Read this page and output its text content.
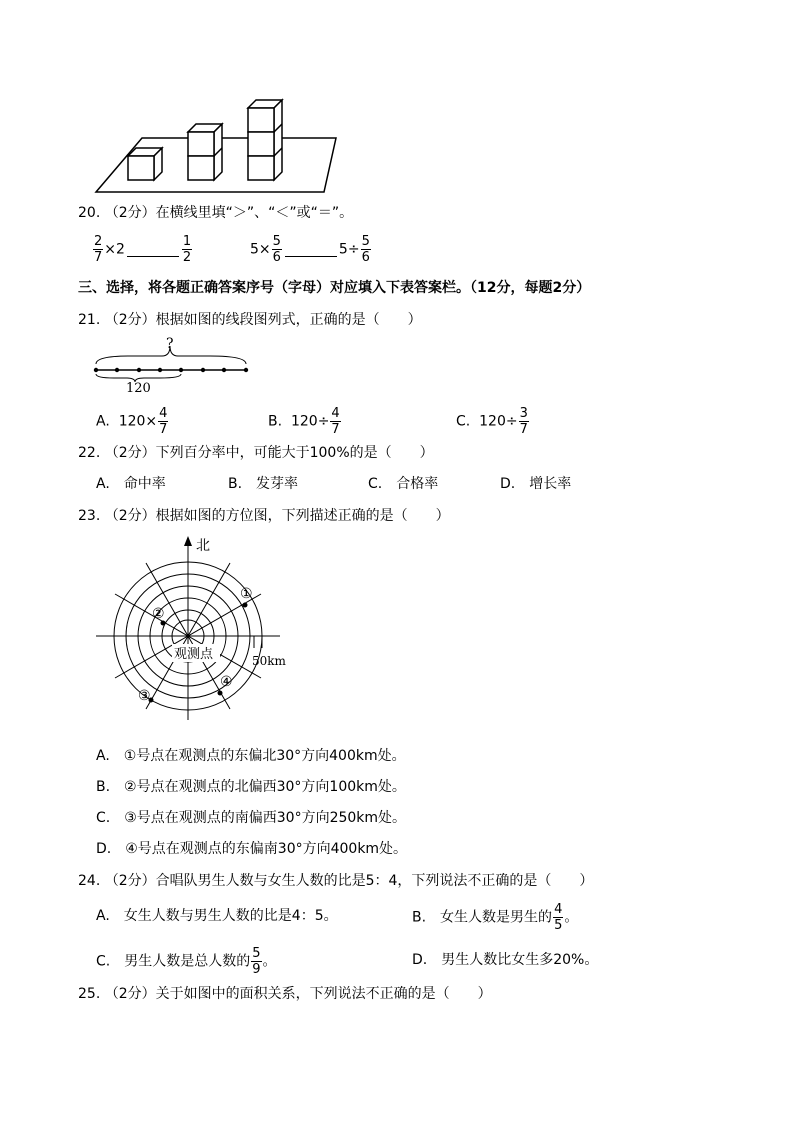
20. （2分）在横线里填“＞”、“＜”或“＝”。
$\frac{2}{7} \times 2$	$\frac{1}{2}$	$5\times \frac{5}{6}$	$5\div \frac{5}{6}$
三、选择，将各题正确答案序号（字母）对应填入下表答案栏。（12分，每题2分）
21. （2分）根据如图的线段图列式，正确的是（　　）
?
120
A. $120\times \frac{4}{7}$	B. $120\div \frac{4}{7}$	C. $120\div \frac{3}{7}$
22. （2分）下列百分率中，可能大于100%的是（　　）
A.　命中率	B.　发芽率	C.　合格率	D.　增长率
23. （2分）根据如图的方位图，下列描述正确的是（　　）
北
观测点	50km
①
②
③
④
A.　①号点在观测点的东偏北30°方向400km处。
B.　②号点在观测点的北偏西30°方向100km处。
C.　③号点在观测点的南偏西30°方向250km处。
D.　④号点在观测点的东偏南30°方向400km处。
24. （2分）合唱队男生人数与女生人数的比是5：4，下列说法不正确的是（　　）
A.　女生人数与男生人数的比是4：5。	B.　女生人数是男生的 $\frac{4}{5}$ 。
C.　男生人数是总人数的 $\frac{5}{9}$ 。	D.　男生人数比女生多20%。
25. （2分）关于如图中的面积关系，下列说法不正确的是（　　）
